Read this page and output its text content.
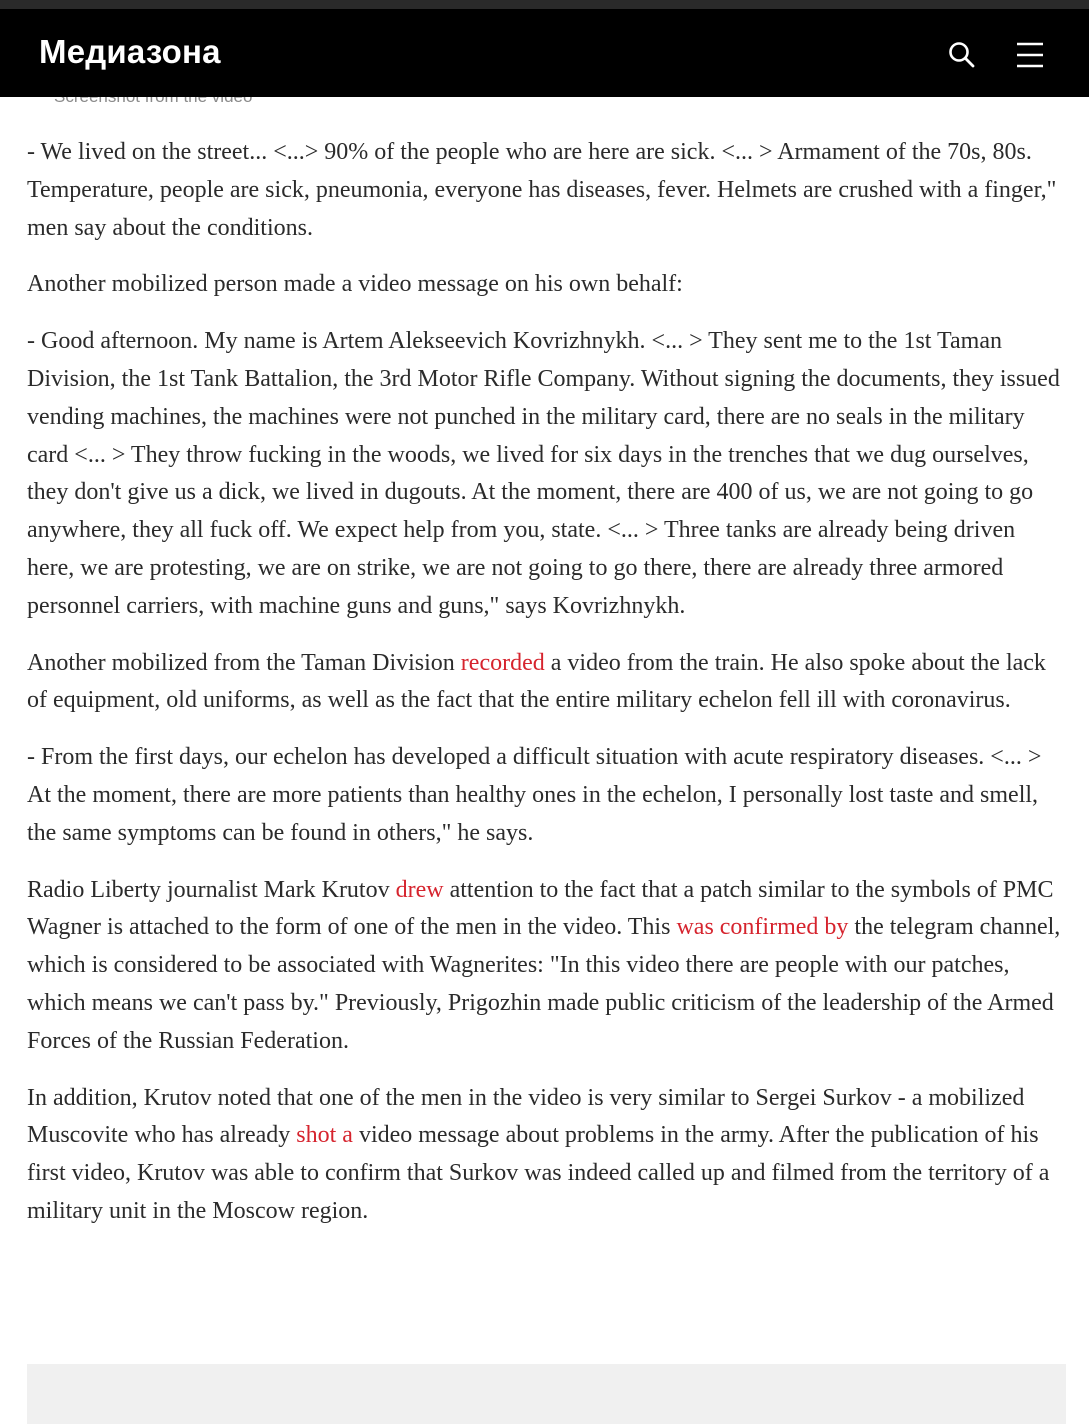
Медиазона

- We lived on the street... <...> 90% of the people who are here are sick. <... > Armament of the 70s, 80s. Temperature, people are sick, pneumonia, everyone has diseases, fever. Helmets are crushed with a finger," men say about the conditions.

Another mobilized person made a video message on his own behalf:

- Good afternoon. My name is Artem Alekseevich Kovrizhnykh. <... > They sent me to the 1st Taman Division, the 1st Tank Battalion, the 3rd Motor Rifle Company. Without signing the documents, they issued vending machines, the machines were not punched in the military card, there are no seals in the military card <... > They throw fucking in the woods, we lived for six days in the trenches that we dug ourselves, they don't give us a dick, we lived in dugouts. At the moment, there are 400 of us, we are not going to go anywhere, they all fuck off. We expect help from you, state. <... > Three tanks are already being driven here, we are protesting, we are on strike, we are not going to go there, there are already three armored personnel carriers, with machine guns and guns," says Kovrizhnykh.

Another mobilized from the Taman Division recorded a video from the train. He also spoke about the lack of equipment, old uniforms, as well as the fact that the entire military echelon fell ill with coronavirus.

- From the first days, our echelon has developed a difficult situation with acute respiratory diseases. <... > At the moment, there are more patients than healthy ones in the echelon, I personally lost taste and smell, the same symptoms can be found in others," he says.

Radio Liberty journalist Mark Krutov drew attention to the fact that a patch similar to the symbols of PMC Wagner is attached to the form of one of the men in the video. This was confirmed by the telegram channel, which is considered to be associated with Wagnerites: "In this video there are people with our patches, which means we can't pass by." Previously, Prigozhin made public criticism of the leadership of the Armed Forces of the Russian Federation.

In addition, Krutov noted that one of the men in the video is very similar to Sergei Surkov - a mobilized Muscovite who has already shot a video message about problems in the army. After the publication of his first video, Krutov was able to confirm that Surkov was indeed called up and filmed from the territory of a military unit in the Moscow region.
